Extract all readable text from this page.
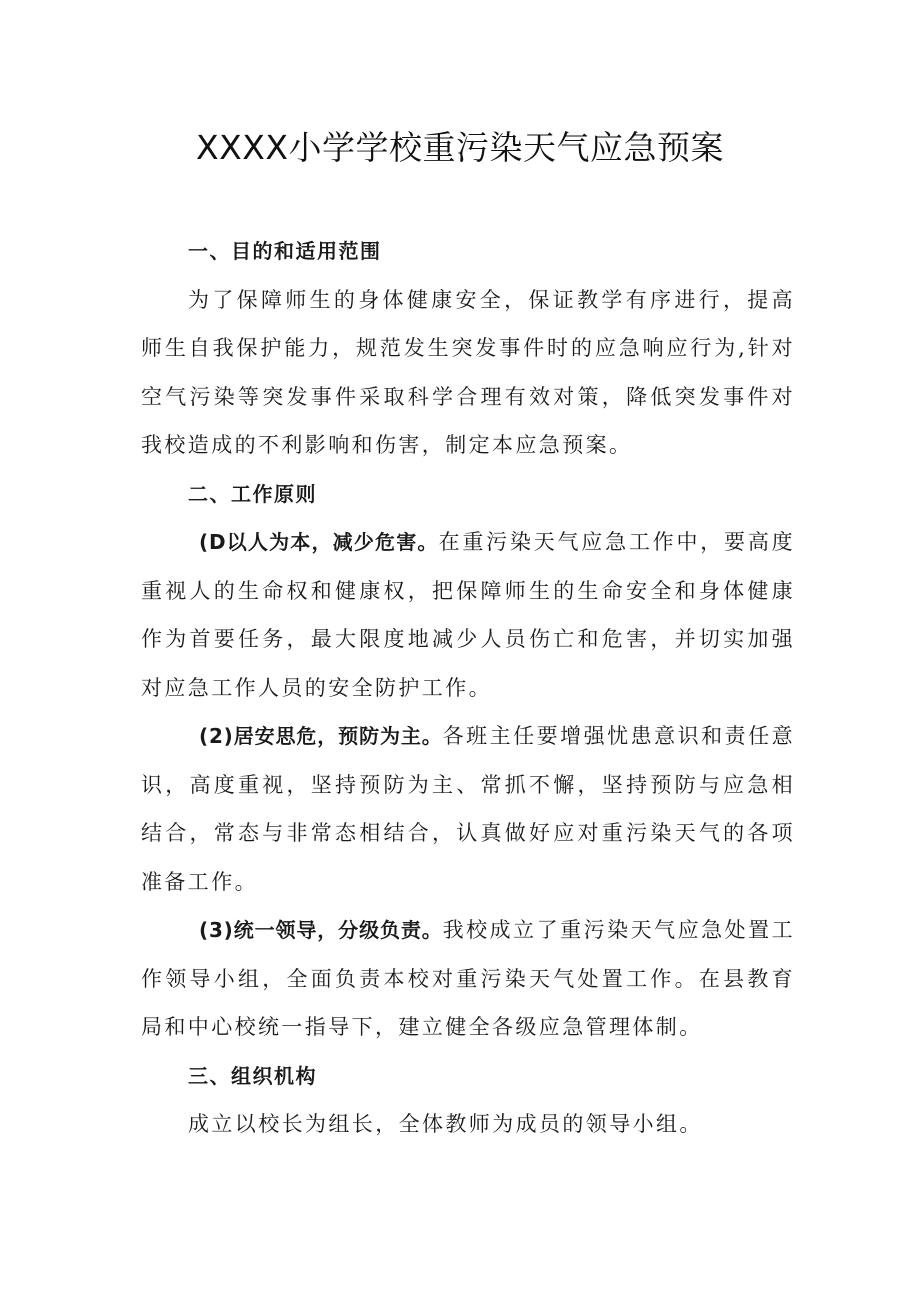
XXXX小学学校重污染天气应急预案

一、目的和适用范围

为了保障师生的身体健康安全，保证教学有序进行，提高师生自我保护能力，规范发生突发事件时的应急响应行为,针对空气污染等突发事件采取科学合理有效对策，降低突发事件对我校造成的不利影响和伤害，制定本应急预案。

二、工作原则

(D以人为本，减少危害。在重污染天气应急工作中，要高度重视人的生命权和健康权，把保障师生的生命安全和身体健康作为首要任务，最大限度地减少人员伤亡和危害，并切实加强对应急工作人员的安全防护工作。

(2)居安思危，预防为主。各班主任要增强忧患意识和责任意识，高度重视，坚持预防为主、常抓不懈，坚持预防与应急相结合，常态与非常态相结合，认真做好应对重污染天气的各项准备工作。

(3)统一领导，分级负责。我校成立了重污染天气应急处置工作领导小组，全面负责本校对重污染天气处置工作。在县教育局和中心校统一指导下，建立健全各级应急管理体制。

三、组织机构

成立以校长为组长，全体教师为成员的领导小组。
